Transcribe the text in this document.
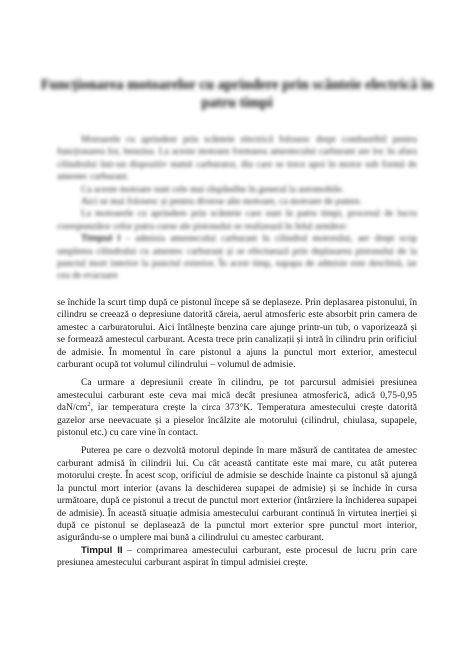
Funcționarea motoarelor cu aprindere prin scânteie electrică în patru timpi

Motoarele cu aprindere prin scânteie electrică folosesc drept combustibil pentru funcționarea lor, benzina. La aceste motoare formarea amestecului carburant are loc în afara cilindrului într-un dispozitiv numit carburator, din care se trece apoi în motor sub formă de amestec carburant.

Ca aceste motoare sunt cele mai răspândite în general la automobile.

Aici se mai folosesc și pentru diverse alte motoare, ca motoare de putere.

La motoarele cu aprindere prin scânteie care sunt în patru timpi, procesul de lucru corespunzător celor patru curse ale pistonului se realizează în felul următor:

Timpul I – admisia amestecului carburant în cilindrul motorului, aer drept scop umplerea cilindrului cu amestec carburant și se efectuează prin deplasarea pistonului de la punctul mort interior la punctul exterior. În acest timp, supapa de admisie este deschisă, iar cea de evacuare

se închide la scurt timp după ce pistonul începe să se deplaseze. Prin deplasarea pistonului, în cilindru se creează o depresiune datorită căreia, aerul atmosferic este absorbit prin camera de amestec a carburatorului. Aici întâlnește benzina care ajunge printr-un tub, o vaporizează și se formează amestecul carburant. Acesta trece prin canalizații și intră în cilindru prin orificiul de admisie. În momentul în care pistonul a ajuns la punctul mort exterior, amestecul carburant ocupă tot volumul cilindrului – volumul de admisie.

Ca urmare a depresiunii create în cilindru, pe tot parcursul admisiei presiunea amestecului carburant este ceva mai mică decât presiunea atmosferică, adică 0,75-0,95 daN/$cm^2$, iar temperatura crește la circa 373°K. Temperatura amestecului crește datorită gazelor arse neevacuate și a pieselor încălzite ale motorului (cilindrul, chiulasa, supapele, pistonul etc.) cu care vine în contact.

Puterea pe care o dezvoltă motorul depinde în mare măsură de cantitatea de amestec carburant admisă în cilindrii lui. Cu cât această cantitate este mai mare, cu atât puterea motorului crește. În acest scop, orificiul de admisie se deschide înainte ca pistonul să ajungă la punctul mort interior (avans la deschiderea supapei de admisie) și se închide în cursa următoare, după ce pistonul a trecut de punctul mort exterior (întârziere la închiderea supapei de admisie). În această situație admisia amestecului carburant continuă în virtutea inerției și după ce pistonul se deplasează de la punctul mort exterior spre punctul mort interior, asigurându-se o umplere mai bună a cilindrului cu amestec carburant.

Timpul II – comprimarea amestecului carburant, este procesul de lucru prin care presiunea amestecului carburant aspirat în timpul admisiei crește.
